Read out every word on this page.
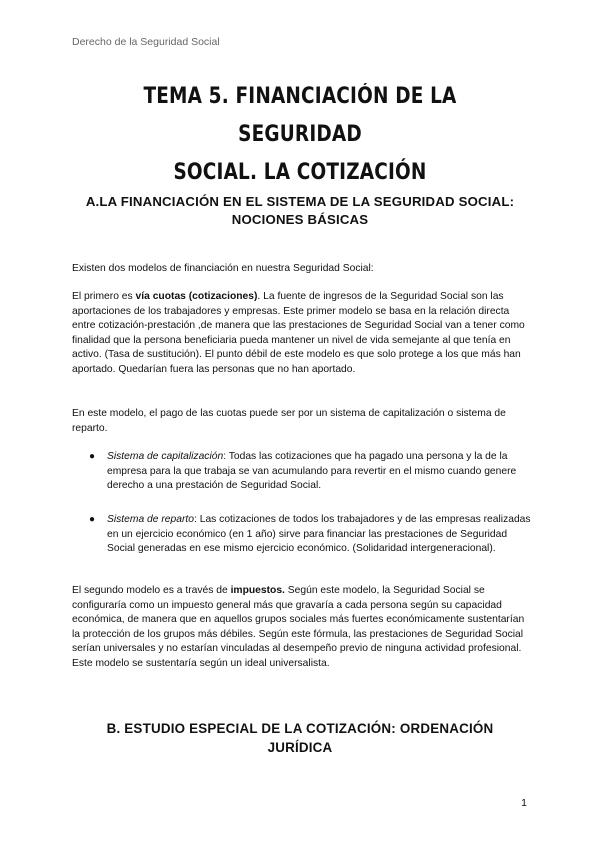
Derecho de la Seguridad Social
TEMA 5. FINANCIACIÓN DE LA SEGURIDAD
SOCIAL. LA COTIZACIÓN
A.LA FINANCIACIÓN EN EL SISTEMA DE LA SEGURIDAD SOCIAL:
NOCIONES BÁSICAS

Existen dos modelos de financiación en nuestra Seguridad Social:

El primero es vía cuotas (cotizaciones). La fuente de ingresos de la Seguridad Social son las aportaciones de los trabajadores y empresas. Este primer modelo se basa en la relación directa entre cotización-prestación ,de manera que las prestaciones de Seguridad Social van a tener como finalidad que la persona beneficiaria pueda mantener un nivel de vida semejante al que tenía en activo. (Tasa de sustitución). El punto débil de este modelo es que solo protege a los que más han aportado. Quedarían fuera las personas que no han aportado.

En este modelo, el pago de las cuotas puede ser por un sistema de capitalización o sistema de reparto.

● Sistema de capitalización: Todas las cotizaciones que ha pagado una persona y la de la empresa para la que trabaja se van acumulando para revertir en el mismo cuando genere derecho a una prestación de Seguridad Social.
● Sistema de reparto: Las cotizaciones de todos los trabajadores y de las empresas realizadas en un ejercicio económico (en 1 año) sirve para financiar las prestaciones de Seguridad Social generadas en ese mismo ejercicio económico. (Solidaridad intergeneracional).

El segundo modelo es a través de impuestos. Según este modelo, la Seguridad Social se configuraría como un impuesto general más que gravaría a cada persona según su capacidad económica, de manera que en aquellos grupos sociales más fuertes económicamente sustentarían la protección de los grupos más débiles. Según este fórmula, las prestaciones de Seguridad Social serían universales y no estarían vinculadas al desempeño previo de ninguna actividad profesional. Este modelo se sustentaría según un ideal universalista.

B. ESTUDIO ESPECIAL DE LA COTIZACIÓN: ORDENACIÓN
JURÍDICA
1
